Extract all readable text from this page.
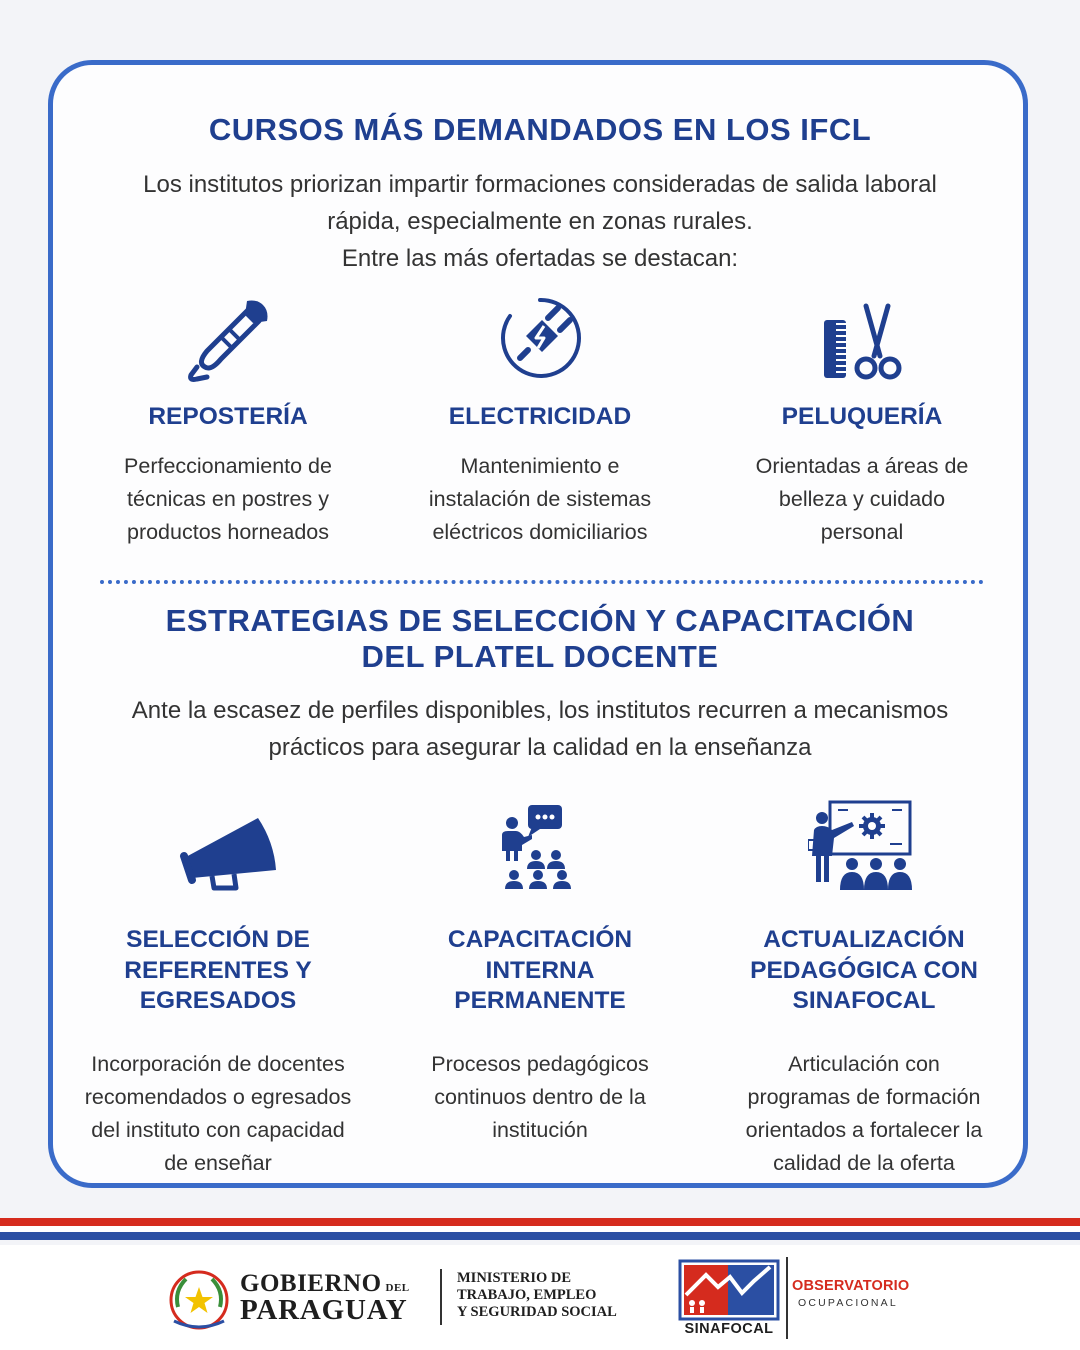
CURSOS MÁS DEMANDADOS EN LOS IFCL
Los institutos priorizan impartir formaciones consideradas de salida laboral
rápida, especialmente en zonas rurales.
Entre las más ofertadas se destacan:
REPOSTERÍA
Perfeccionamiento de
técnicas en postres y
productos horneados
ELECTRICIDAD
Mantenimiento e
instalación de sistemas
eléctricos domiciliarios
PELUQUERÍA
Orientadas a áreas de
belleza y cuidado
personal
ESTRATEGIAS DE SELECCIÓN Y CAPACITACIÓN
DEL PLATEL DOCENTE
Ante la escasez de perfiles disponibles, los institutos recurren a mecanismos
prácticos para asegurar la calidad en la enseñanza
SELECCIÓN DE
REFERENTES Y
EGRESADOS
Incorporación de docentes
recomendados o egresados
del instituto con capacidad
de enseñar
CAPACITACIÓN
INTERNA
PERMANENTE
Procesos pedagógicos
continuos dentro de la
institución
ACTUALIZACIÓN
PEDAGÓGICA CON
SINAFOCAL
Articulación con
programas de formación
orientados a fortalecer la
calidad de la oferta
GOBIERNO DEL
PARAGUAY
MINISTERIO DE
TRABAJO, EMPLEO
Y SEGURIDAD SOCIAL
SINAFOCAL
OBSERVATORIO
OCUPACIONAL
